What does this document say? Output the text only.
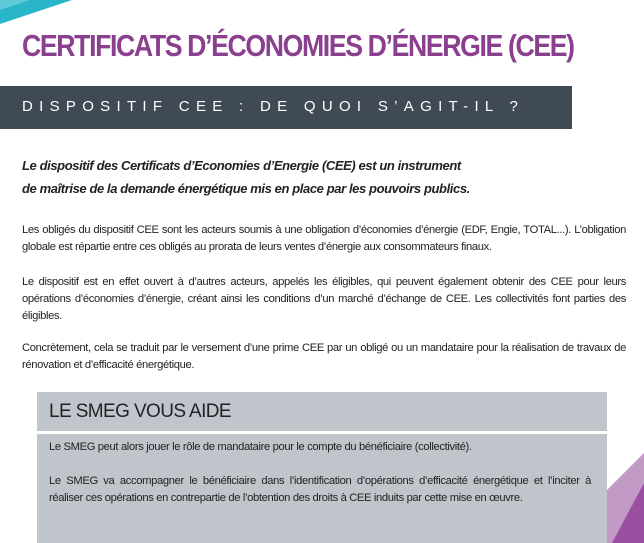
CERTIFICATS D’ÉCONOMIES D’ÉNERGIE (CEE)
DISPOSITIF CEE : DE QUOI S’AGIT-IL ?
Le dispositif des Certificats d’Economies d’Energie (CEE) est un instrument
de maîtrise de la demande énergétique mis en place par les pouvoirs publics.
Les obligés du dispositif CEE sont les acteurs soumis à une obligation d’économies d’énergie (EDF, Engie, TOTAL...). L’obligation globale est répartie entre ces obligés au prorata de leurs ventes d’énergie aux consommateurs finaux.
Le dispositif est en effet ouvert à d’autres acteurs, appelés les éligibles, qui peuvent également obtenir des CEE pour leurs opérations d’économies d’énergie, créant ainsi les conditions d’un marché d’échange de CEE. Les collectivités font parties des éligibles.
Concrètement, cela se traduit par le versement d’une prime CEE par un obligé ou un mandataire pour la réalisation de travaux de rénovation et d’efficacité énergétique.
LE SMEG VOUS AIDE
Le SMEG peut alors jouer le rôle de mandataire pour le compte du bénéficiaire (collectivité).
Le SMEG va accompagner le bénéficiaire dans l’identification d’opérations d’efficacité énergétique et l’inciter à réaliser ces opérations en contrepartie de l’obtention des droits à CEE induits par cette mise en œuvre.
